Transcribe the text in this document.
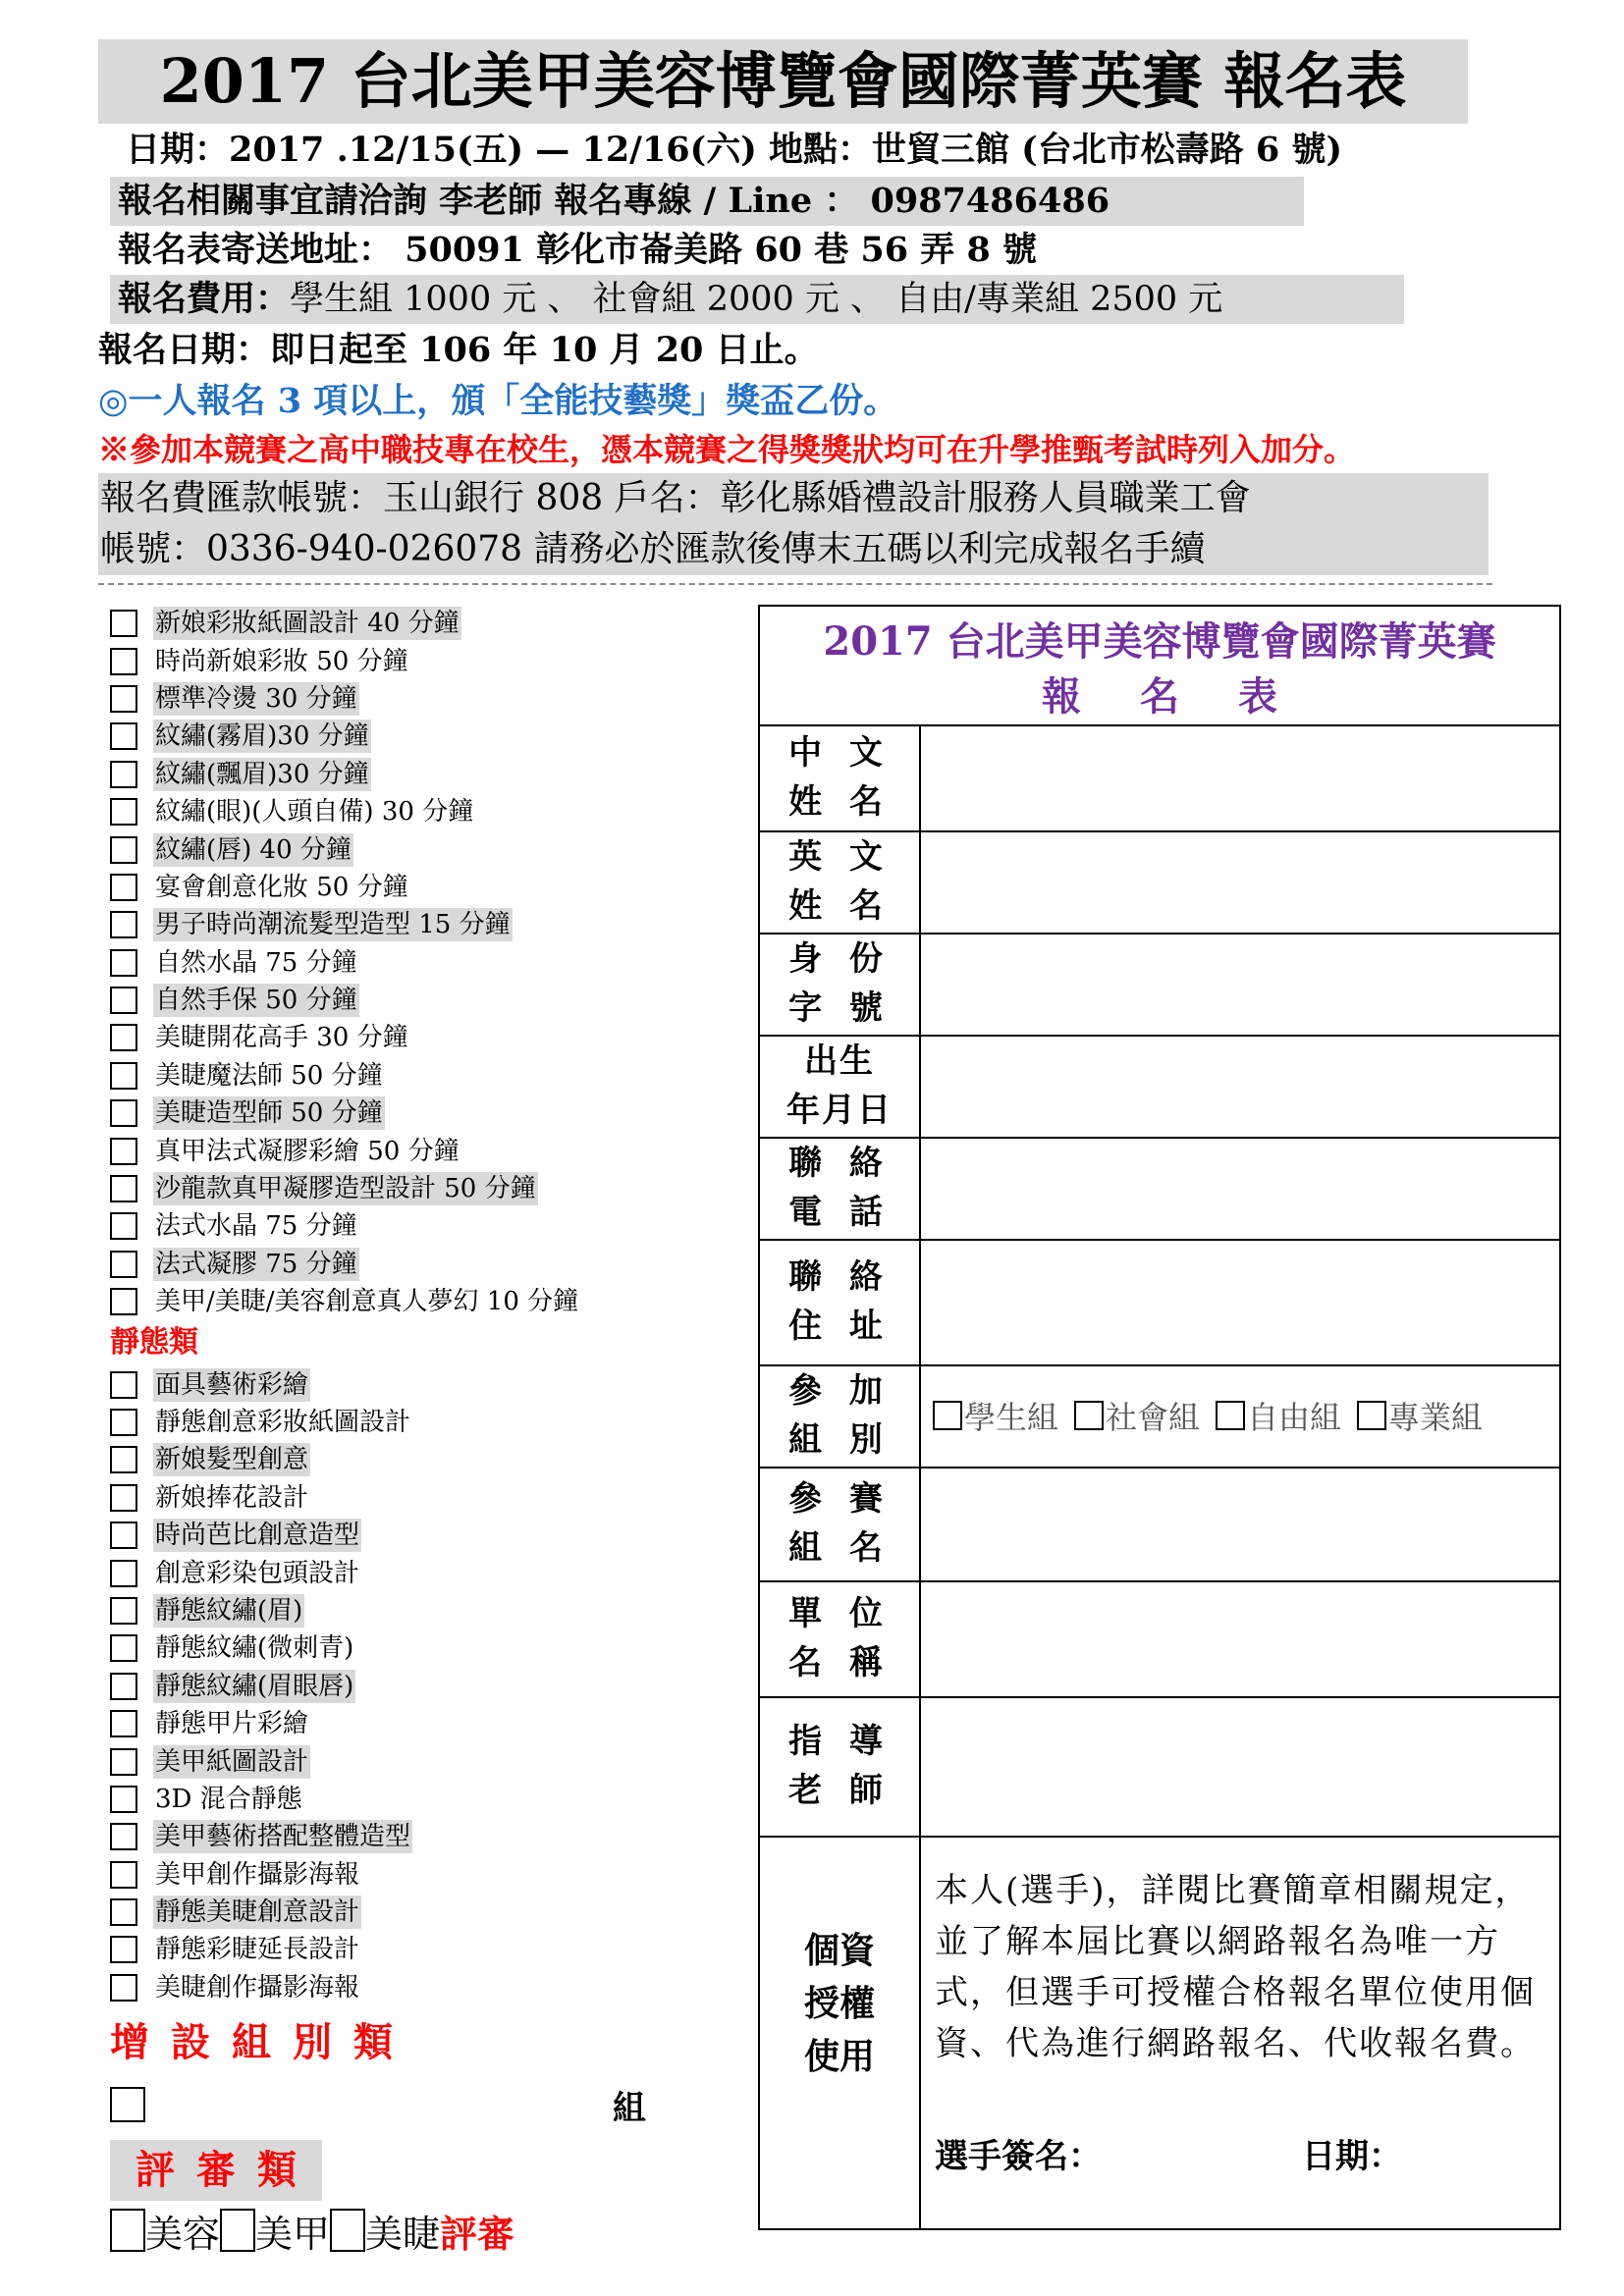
2017 台北美甲美容博覽會國際菁英賽 報名表
日期：2017 .12/15(五) — 12/16(六) 地點：世貿三館 (台北市松壽路 6 號)
報名相關事宜請洽詢 李老師 報名專線 / Line ： 0987486486
報名表寄送地址： 50091 彰化市崙美路 60 巷 56 弄 8 號
報名費用：學生組 1000 元 、 社會組 2000 元 、 自由/專業組 2500 元
報名日期：即日起至 106 年 10 月 20 日止。
◎一人報名 3 項以上，頒「全能技藝獎」獎盃乙份。
※參加本競賽之高中職技專在校生，憑本競賽之得獎獎狀均可在升學推甄考試時列入加分。
報名費匯款帳號：玉山銀行 808 戶名：彰化縣婚禮設計服務人員職業工會
帳號：0336-940-026078 請務必於匯款後傳末五碼以利完成報名手續
新娘彩妝紙圖設計 40 分鐘
時尚新娘彩妝 50 分鐘
標準冷燙 30 分鐘
紋繡(霧眉)30 分鐘
紋繡(飄眉)30 分鐘
紋繡(眼)(人頭自備) 30 分鐘
紋繡(唇) 40 分鐘
宴會創意化妝 50 分鐘
男子時尚潮流髮型造型 15 分鐘
自然水晶 75 分鐘
自然手保 50 分鐘
美睫開花高手 30 分鐘
美睫魔法師 50 分鐘
美睫造型師 50 分鐘
真甲法式凝膠彩繪 50 分鐘
沙龍款真甲凝膠造型設計 50 分鐘
法式水晶 75 分鐘
法式凝膠 75 分鐘
美甲/美睫/美容創意真人夢幻 10 分鐘
靜態類
面具藝術彩繪
靜態創意彩妝紙圖設計
新娘髮型創意
新娘捧花設計
時尚芭比創意造型
創意彩染包頭設計
靜態紋繡(眉)
靜態紋繡(微刺青)
靜態紋繡(眉眼唇)
靜態甲片彩繪
美甲紙圖設計
3D 混合靜態
美甲藝術搭配整體造型
美甲創作攝影海報
靜態美睫創意設計
靜態彩睫延長設計
美睫創作攝影海報
增設組別類
組
評審類
美容 美甲 美睫 評審
2017 台北美甲美容博覽會國際菁英賽
報名表
中 文
姓 名
英 文
姓 名
身 份
字 號
出生
年月日
聯 絡
電 話
聯 絡
住 址
參 加
組 別
學生組 社會組 自由組 專業組
參 賽
組 名
單 位
名 稱
指 導
老 師
個資
授權
使用
本人(選手)，詳閱比賽簡章相關規定，並了解本屆比賽以網路報名為唯一方式，但選手可授權合格報名單位使用個資、代為進行網路報名、代收報名費。
選手簽名：	日期：
